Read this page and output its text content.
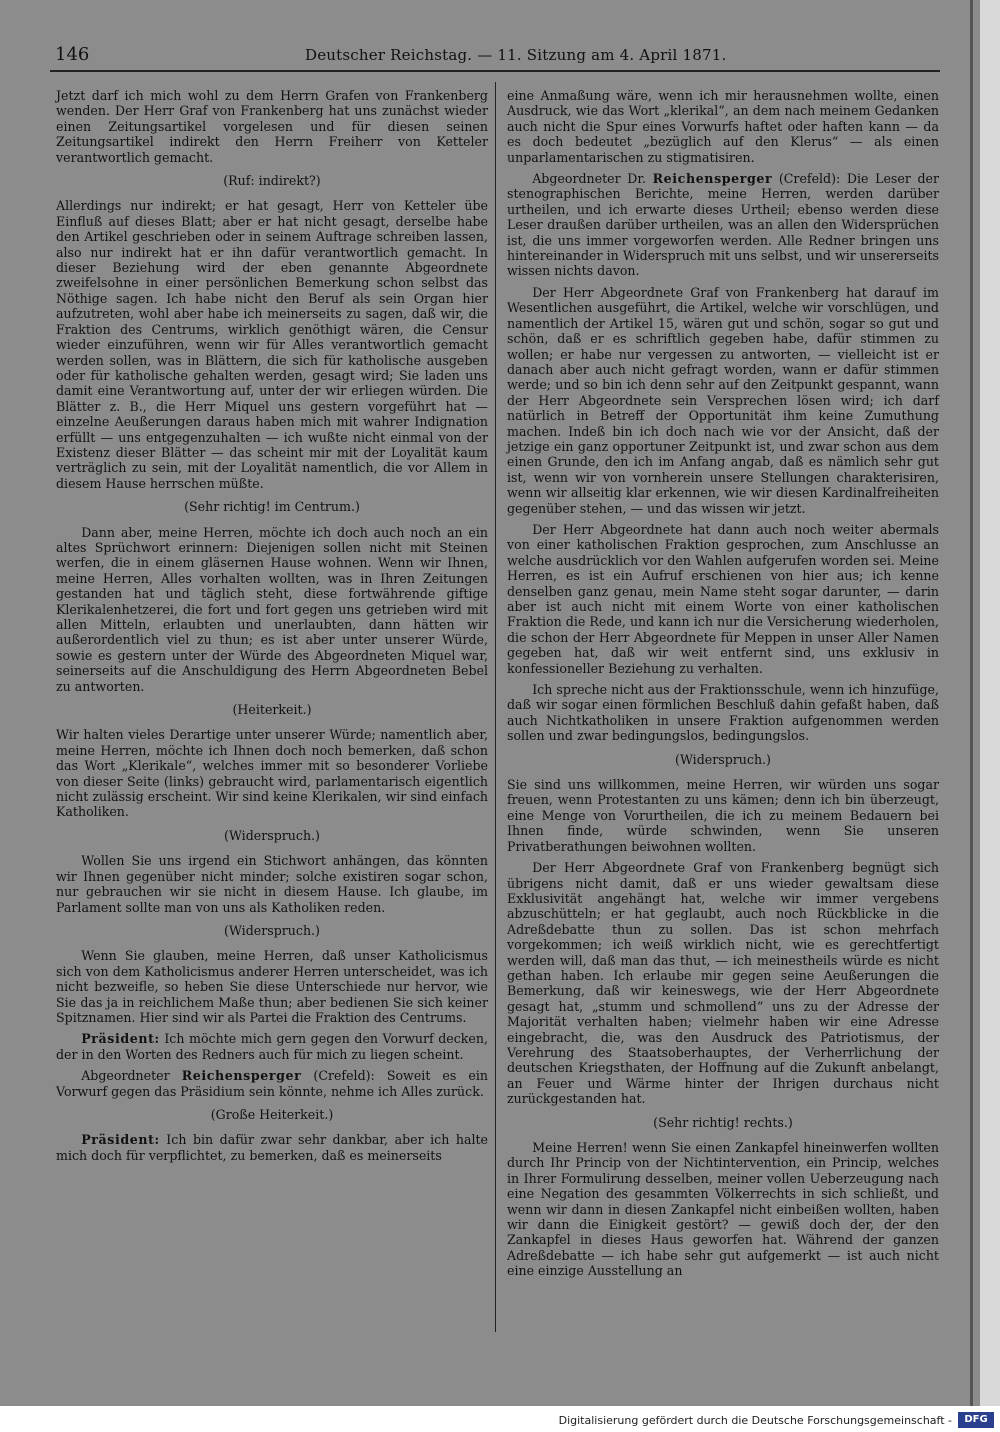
146	Deutscher Reichstag. — 11. Sitzung am 4. April 1871.

Jetzt darf ich mich wohl zu dem Herrn Grafen von Frankenberg wenden. Der Herr Graf von Frankenberg hat uns zunächst wieder einen Zeitungsartikel vorgelesen und für diesen seinen Zeitungsartikel indirekt den Herrn Freiherr von Ketteler verantwortlich gemacht.

(Ruf: indirekt?)

Allerdings nur indirekt; er hat gesagt, Herr von Ketteler übe Einfluß auf dieses Blatt; aber er hat nicht gesagt, derselbe habe den Artikel geschrieben oder in seinem Auftrage schreiben lassen, also nur indirekt hat er ihn dafür verantwortlich gemacht. In dieser Beziehung wird der eben genannte Abgeordnete zweifelsohne in einer persönlichen Bemerkung schon selbst das Nöthige sagen. Ich habe nicht den Beruf als sein Organ hier aufzutreten, wohl aber habe ich meinerseits zu sagen, daß wir, die Fraktion des Centrums, wirklich genöthigt wären, die Censur wieder einzuführen, wenn wir für Alles verantwortlich gemacht werden sollen, was in Blättern, die sich für katholische ausgeben oder für katholische gehalten werden, gesagt wird; Sie laden uns damit eine Verantwortung auf, unter der wir erliegen würden. Die Blätter z. B., die Herr Miquel uns gestern vorgeführt hat — einzelne Aeußerungen daraus haben mich mit wahrer Indignation erfüllt — uns entgegenzuhalten — ich wußte nicht einmal von der Existenz dieser Blätter — das scheint mir mit der Loyalität kaum verträglich zu sein, mit der Loyalität namentlich, die vor Allem in diesem Hause herrschen müßte.

(Sehr richtig! im Centrum.)

Dann aber, meine Herren, möchte ich doch auch noch an ein altes Sprüchwort erinnern: Diejenigen sollen nicht mit Steinen werfen, die in einem gläsernen Hause wohnen. Wenn wir Ihnen, meine Herren, Alles vorhalten wollten, was in Ihren Zeitungen gestanden hat und täglich steht, diese fortwährende giftige Klerikalenhetzerei, die fort und fort gegen uns getrieben wird mit allen Mitteln, erlaubten und unerlaubten, dann hätten wir außerordentlich viel zu thun; es ist aber unter unserer Würde, sowie es gestern unter der Würde des Abgeordneten Miquel war, seinerseits auf die Anschuldigung des Herrn Abgeordneten Bebel zu antworten.

(Heiterkeit.)

Wir halten vieles Derartige unter unserer Würde; namentlich aber, meine Herren, möchte ich Ihnen doch noch bemerken, daß schon das Wort „Klerikale“, welches immer mit so besonderer Vorliebe von dieser Seite (links) gebraucht wird, parlamentarisch eigentlich nicht zulässig erscheint. Wir sind keine Klerikalen, wir sind einfach Katholiken.

(Widerspruch.)

Wollen Sie uns irgend ein Stichwort anhängen, das könnten wir Ihnen gegenüber nicht minder; solche existiren sogar schon, nur gebrauchen wir sie nicht in diesem Hause. Ich glaube, im Parlament sollte man von uns als Katholiken reden.

(Widerspruch.)

Wenn Sie glauben, meine Herren, daß unser Katholicismus sich von dem Katholicismus anderer Herren unterscheidet, was ich nicht bezweifle, so heben Sie diese Unterschiede nur hervor, wie Sie das ja in reichlichem Maße thun; aber bedienen Sie sich keiner Spitznamen. Hier sind wir als Partei die Fraktion des Centrums.

Präsident: Ich möchte mich gern gegen den Vorwurf decken, der in den Worten des Redners auch für mich zu liegen scheint.

Abgeordneter Reichensperger (Crefeld): Soweit es ein Vorwurf gegen das Präsidium sein könnte, nehme ich Alles zurück.

(Große Heiterkeit.)

Präsident: Ich bin dafür zwar sehr dankbar, aber ich halte mich doch für verpflichtet, zu bemerken, daß es meinerseits

eine Anmaßung wäre, wenn ich mir herausnehmen wollte, einen Ausdruck, wie das Wort „klerikal“, an dem nach meinem Gedanken auch nicht die Spur eines Vorwurfs haftet oder haften kann — da es doch bedeutet „bezüglich auf den Klerus“ — als einen unparlamentarischen zu stigmatisiren.

Abgeordneter Dr. Reichensperger (Crefeld): Die Leser der stenographischen Berichte, meine Herren, werden darüber urtheilen, und ich erwarte dieses Urtheil; ebenso werden diese Leser draußen darüber urtheilen, was an allen den Widersprüchen ist, die uns immer vorgeworfen werden. Alle Redner bringen uns hintereinander in Widerspruch mit uns selbst, und wir unsererseits wissen nichts davon.

Der Herr Abgeordnete Graf von Frankenberg hat darauf im Wesentlichen ausgeführt, die Artikel, welche wir vorschlügen, und namentlich der Artikel 15, wären gut und schön, sogar so gut und schön, daß er es schriftlich gegeben habe, dafür stimmen zu wollen; er habe nur vergessen zu antworten, — vielleicht ist er danach aber auch nicht gefragt worden, wann er dafür stimmen werde; und so bin ich denn sehr auf den Zeitpunkt gespannt, wann der Herr Abgeordnete sein Versprechen lösen wird; ich darf natürlich in Betreff der Opportunität ihm keine Zumuthung machen. Indeß bin ich doch nach wie vor der Ansicht, daß der jetzige ein ganz opportuner Zeitpunkt ist, und zwar schon aus dem einen Grunde, den ich im Anfang angab, daß es nämlich sehr gut ist, wenn wir von vornherein unsere Stellungen charakterisiren, wenn wir allseitig klar erkennen, wie wir diesen Kardinalfreiheiten gegenüber stehen, — und das wissen wir jetzt.

Der Herr Abgeordnete hat dann auch noch weiter abermals von einer katholischen Fraktion gesprochen, zum Anschlusse an welche ausdrücklich vor den Wahlen aufgerufen worden sei. Meine Herren, es ist ein Aufruf erschienen von hier aus; ich kenne denselben ganz genau, mein Name steht sogar darunter, — darin aber ist auch nicht mit einem Worte von einer katholischen Fraktion die Rede, und kann ich nur die Versicherung wiederholen, die schon der Herr Abgeordnete für Meppen in unser Aller Namen gegeben hat, daß wir weit entfernt sind, uns exklusiv in konfessioneller Beziehung zu verhalten.

Ich spreche nicht aus der Fraktionsschule, wenn ich hinzufüge, daß wir sogar einen förmlichen Beschluß dahin gefaßt haben, daß auch Nichtkatholiken in unsere Fraktion aufgenommen werden sollen und zwar bedingungslos, bedingungslos.

(Widerspruch.)

Sie sind uns willkommen, meine Herren, wir würden uns sogar freuen, wenn Protestanten zu uns kämen; denn ich bin überzeugt, eine Menge von Vorurtheilen, die ich zu meinem Bedauern bei Ihnen finde, würde schwinden, wenn Sie unseren Privatberathungen beiwohnen wollten.

Der Herr Abgeordnete Graf von Frankenberg begnügt sich übrigens nicht damit, daß er uns wieder gewaltsam diese Exklusivität angehängt hat, welche wir immer vergebens abzuschütteln; er hat geglaubt, auch noch Rückblicke in die Adreßdebatte thun zu sollen. Das ist schon mehrfach vorgekommen; ich weiß wirklich nicht, wie es gerechtfertigt werden will, daß man das thut, — ich meinestheils würde es nicht gethan haben. Ich erlaube mir gegen seine Aeußerungen die Bemerkung, daß wir keineswegs, wie der Herr Abgeordnete gesagt hat, „stumm und schmollend“ uns zu der Adresse der Majorität verhalten haben; vielmehr haben wir eine Adresse eingebracht, die, was den Ausdruck des Patriotismus, der Verehrung des Staatsoberhauptes, der Verherrlichung der deutschen Kriegsthaten, der Hoffnung auf die Zukunft anbelangt, an Feuer und Wärme hinter der Ihrigen durchaus nicht zurückgestanden hat.

(Sehr richtig! rechts.)

Meine Herren! wenn Sie einen Zankapfel hineinwerfen wollten durch Ihr Princip von der Nichtintervention, ein Princip, welches in Ihrer Formulirung desselben, meiner vollen Ueberzeugung nach eine Negation des gesammten Völkerrechts in sich schließt, und wenn wir dann in diesen Zankapfel nicht einbeißen wollten, haben wir dann die Einigkeit gestört? — gewiß doch der, der den Zankapfel in dieses Haus geworfen hat. Während der ganzen Adreßdebatte — ich habe sehr gut aufgemerkt — ist auch nicht eine einzige Ausstellung an

Digitalisierung gefördert durch die Deutsche Forschungsgemeinschaft -	DFG
